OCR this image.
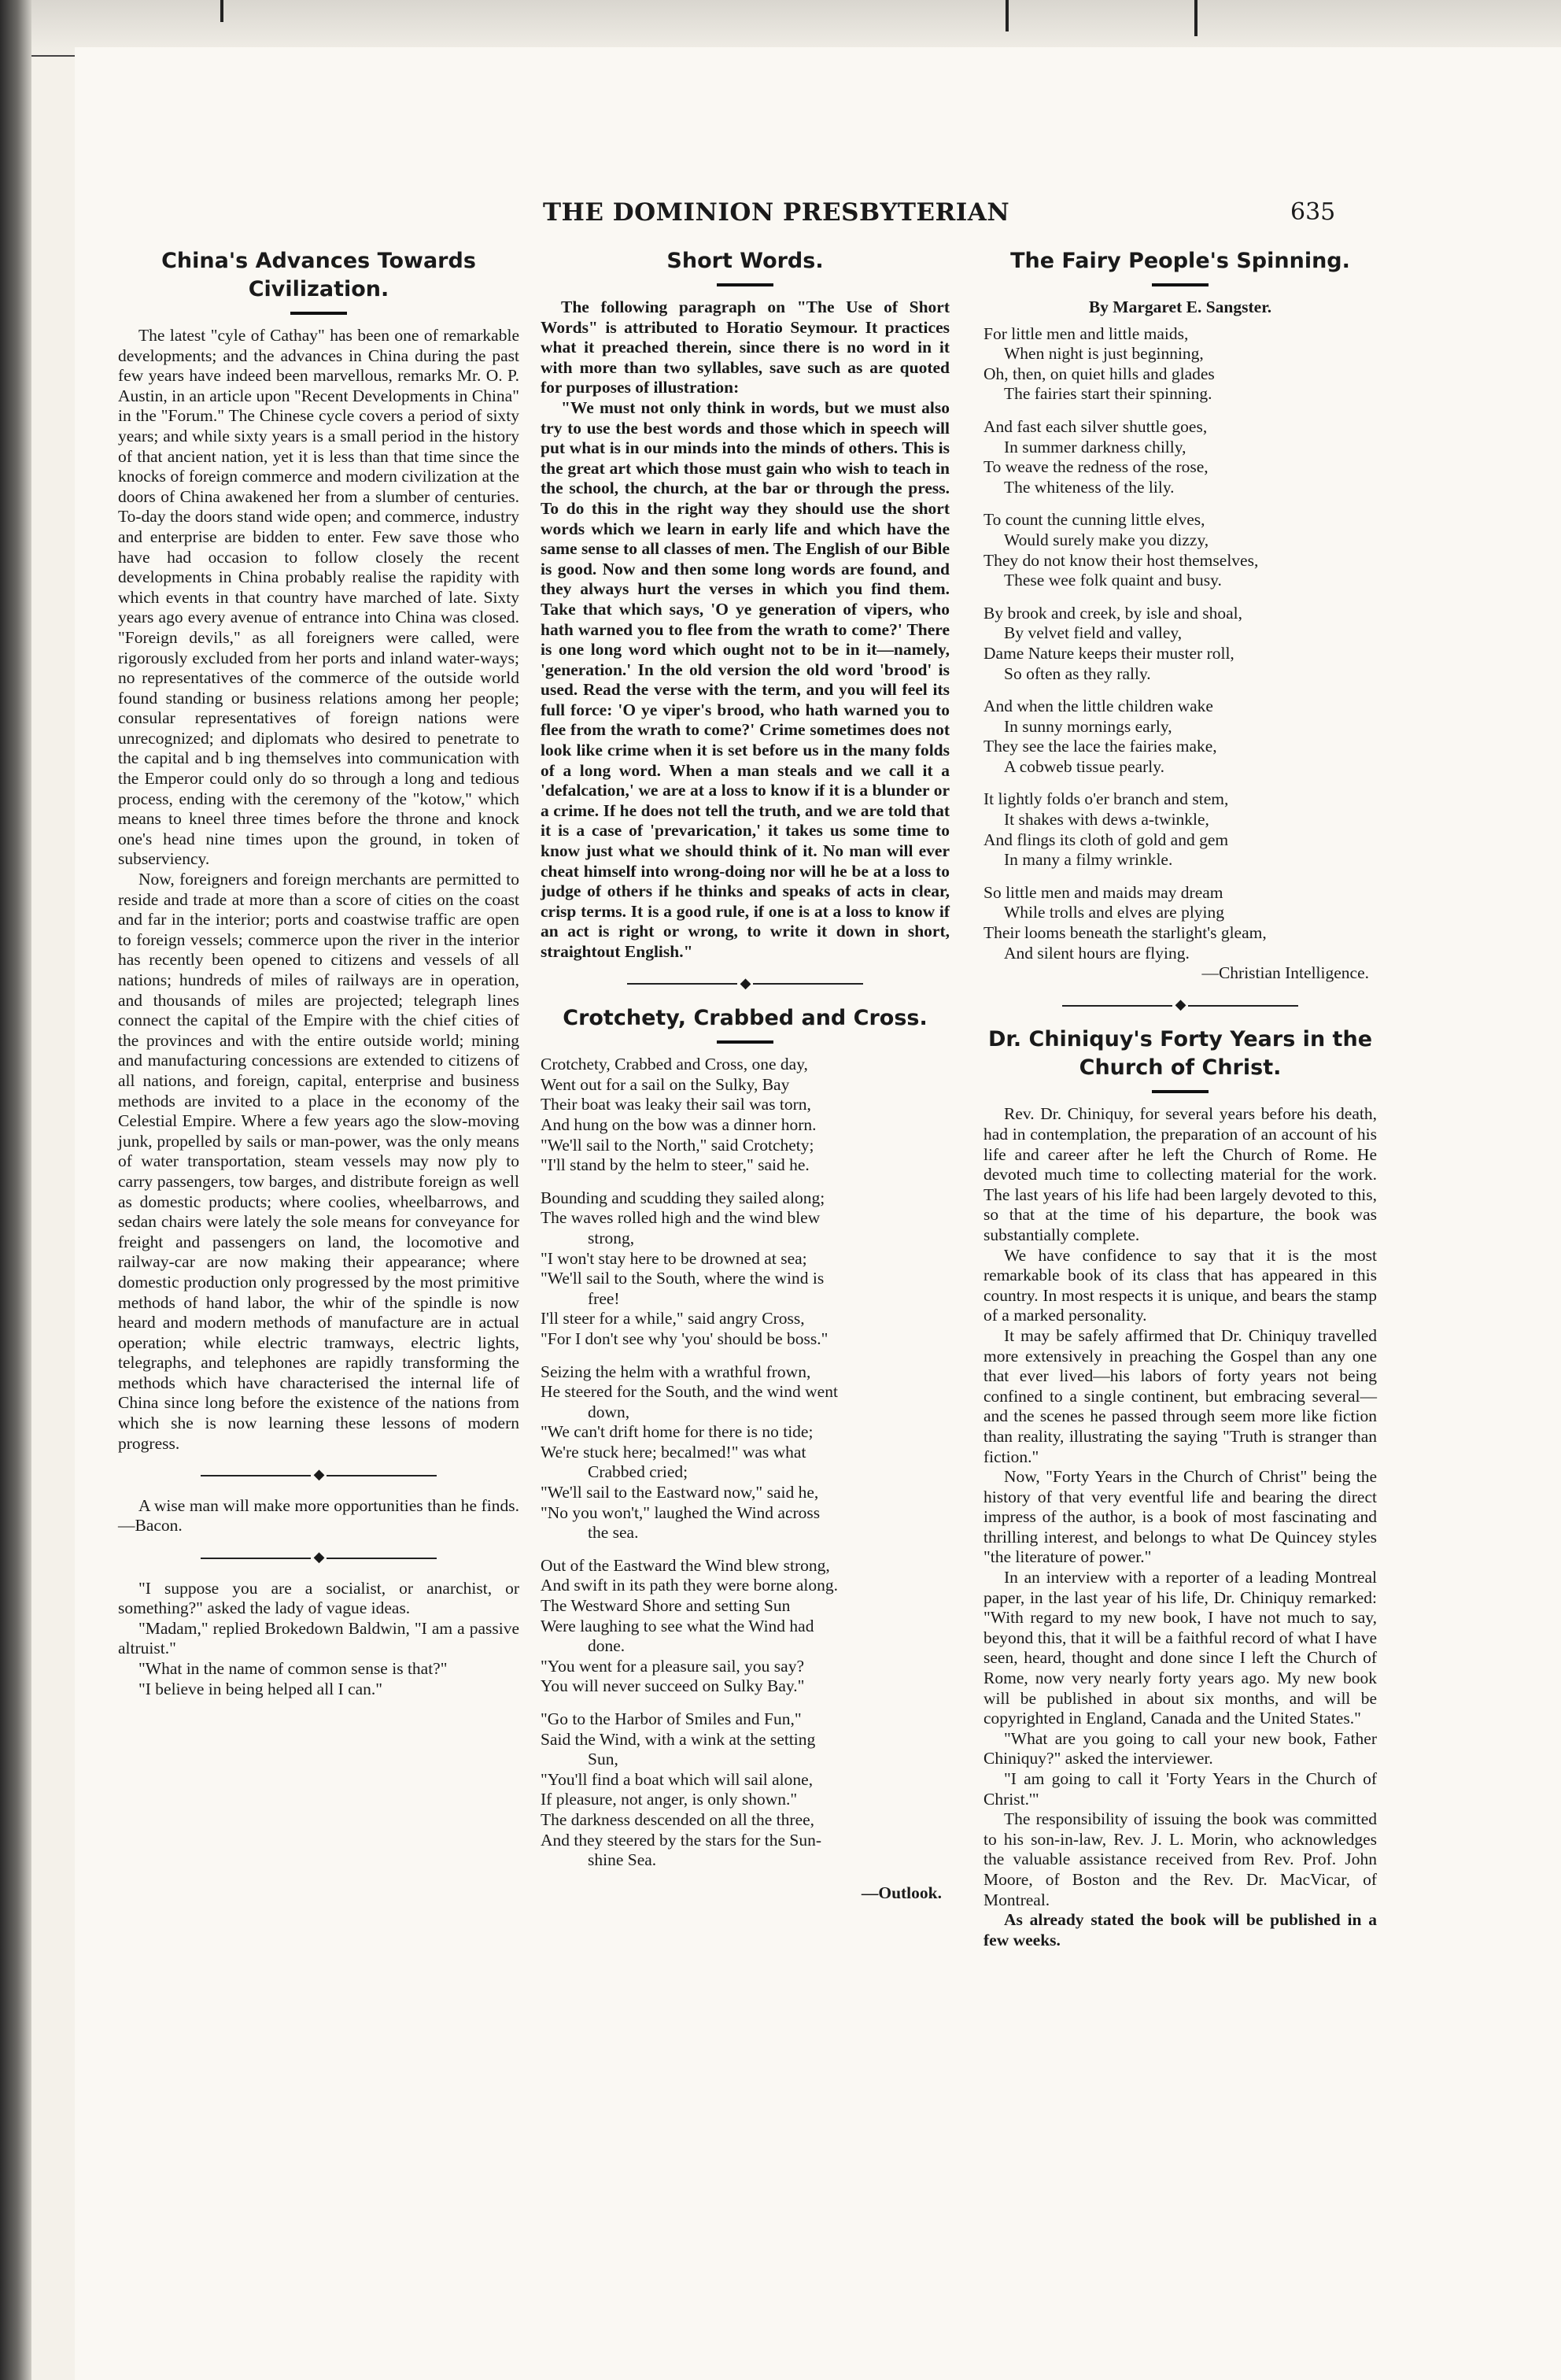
THE DOMINION PRESBYTERIAN	635
China's Advances Towards Civilization.

The latest "cyle of Cathay" has been one of remarkable developments; and the advances in China during the past few years have indeed been marvellous, remarks Mr. O. P. Austin, in an article upon "Recent Developments in China" in the "Forum." The Chinese cycle covers a period of sixty years; and while sixty years is a small period in the history of that ancient nation, yet it is less than that time since the knocks of foreign commerce and modern civilization at the doors of China awakened her from a slumber of centuries. To-day the doors stand wide open; and commerce, industry and enterprise are bidden to enter. Few save those who have had occasion to follow closely the recent developments in China probably realise the rapidity with which events in that country have marched of late. Sixty years ago every avenue of entrance into China was closed. "Foreign devils," as all foreigners were called, were rigorously excluded from her ports and inland water-ways; no representatives of the commerce of the outside world found standing or business relations among her people; consular representatives of foreign nations were unrecognized; and diplomats who desired to penetrate to the capital and b ing themselves into communication with the Emperor could only do so through a long and tedious process, ending with the ceremony of the "kotow," which means to kneel three times before the throne and knock one's head nine times upon the ground, in token of subserviency.

Now, foreigners and foreign merchants are permitted to reside and trade at more than a score of cities on the coast and far in the interior; ports and coastwise traffic are open to foreign vessels; commerce upon the river in the interior has recently been opened to citizens and vessels of all nations; hundreds of miles of railways are in operation, and thousands of miles are projected; telegraph lines connect the capital of the Empire with the chief cities of the provinces and with the entire outside world; mining and manufacturing concessions are extended to citizens of all nations, and foreign, capital, enterprise and business methods are invited to a place in the economy of the Celestial Empire. Where a few years ago the slow-moving junk, propelled by sails or man-power, was the only means of water transportation, steam vessels may now ply to carry passengers, tow barges, and distribute foreign as well as domestic products; where coolies, wheelbarrows, and sedan chairs were lately the sole means for conveyance for freight and passengers on land, the locomotive and railway-car are now making their appearance; where domestic production only progressed by the most primitive methods of hand labor, the whir of the spindle is now heard and modern methods of manufacture are in actual operation; while electric tramways, electric lights, telegraphs, and telephones are rapidly transforming the methods which have characterised the internal life of China since long before the existence of the nations from which she is now learning these lessons of modern progress.

◆

A wise man will make more opportunities than he finds.—Bacon.

◆

"I suppose you are a socialist, or anarchist, or something?" asked the lady of vague ideas.

"Madam," replied Brokedown Baldwin, "I am a passive altruist."

"What in the name of common sense is that?"

"I believe in being helped all I can."

Short Words.

The following paragraph on "The Use of Short Words" is attributed to Horatio Seymour. It practices what it preached therein, since there is no word in it with more than two syllables, save such as are quoted for purposes of illustration:

"We must not only think in words, but we must also try to use the best words and those which in speech will put what is in our minds into the minds of others. This is the great art which those must gain who wish to teach in the school, the church, at the bar or through the press. To do this in the right way they should use the short words which we learn in early life and which have the same sense to all classes of men. The English of our Bible is good. Now and then some long words are found, and they always hurt the verses in which you find them. Take that which says, 'O ye generation of vipers, who hath warned you to flee from the wrath to come?' There is one long word which ought not to be in it—namely, 'generation.' In the old version the old word 'brood' is used. Read the verse with the term, and you will feel its full force: 'O ye viper's brood, who hath warned you to flee from the wrath to come?' Crime sometimes does not look like crime when it is set before us in the many folds of a long word. When a man steals and we call it a 'defalcation,' we are at a loss to know if it is a blunder or a crime. If he does not tell the truth, and we are told that it is a case of 'prevarication,' it takes us some time to know just what we should think of it. No man will ever cheat himself into wrong-doing nor will he be at a loss to judge of others if he thinks and speaks of acts in clear, crisp terms. It is a good rule, if one is at a loss to know if an act is right or wrong, to write it down in short, straightout English."

◆
Crotchety, Crabbed and Cross.
Crotchety, Crabbed and Cross, one day,
Went out for a sail on the Sulky, Bay
Their boat was leaky their sail was torn,
And hung on the bow was a dinner horn.
"We'll sail to the North," said Crotchety;
"I'll stand by the helm to steer," said he.
Bounding and scudding they sailed along;
The waves rolled high and the wind blew
strong,
"I won't stay here to be drowned at sea;
"We'll sail to the South, where the wind is
free!
I'll steer for a while," said angry Cross,
"For I don't see why 'you' should be boss."
Seizing the helm with a wrathful frown,
He steered for the South, and the wind went
down,
"We can't drift home for there is no tide;
We're stuck here; becalmed!" was what
Crabbed cried;
"We'll sail to the Eastward now," said he,
"No you won't," laughed the Wind across
the sea.
Out of the Eastward the Wind blew strong,
And swift in its path they were borne along.
The Westward Shore and setting Sun
Were laughing to see what the Wind had
done.
"You went for a pleasure sail, you say?
You will never succeed on Sulky Bay."
"Go to the Harbor of Smiles and Fun,"
Said the Wind, with a wink at the setting
Sun,
"You'll find a boat which will sail alone,
If pleasure, not anger, is only shown."
The darkness descended on all the three,
And they steered by the stars for the Sun-
shine Sea.
—Outlook.
The Fairy People's Spinning.
By Margaret E. Sangster.
For little men and little maids,
When night is just beginning,
Oh, then, on quiet hills and glades
The fairies start their spinning.
And fast each silver shuttle goes,
In summer darkness chilly,
To weave the redness of the rose,
The whiteness of the lily.
To count the cunning little elves,
Would surely make you dizzy,
They do not know their host themselves,
These wee folk quaint and busy.
By brook and creek, by isle and shoal,
By velvet field and valley,
Dame Nature keeps their muster roll,
So often as they rally.
And when the little children wake
In sunny mornings early,
They see the lace the fairies make,
A cobweb tissue pearly.
It lightly folds o'er branch and stem,
It shakes with dews a-twinkle,
And flings its cloth of gold and gem
In many a filmy wrinkle.
So little men and maids may dream
While trolls and elves are plying
Their looms beneath the starlight's gleam,
And silent hours are flying.
—Christian Intelligence.
◆
Dr. Chiniquy's Forty Years in the Church of Christ.

Rev. Dr. Chiniquy, for several years before his death, had in contemplation, the preparation of an account of his life and career after he left the Church of Rome. He devoted much time to collecting material for the work. The last years of his life had been largely devoted to this, so that at the time of his departure, the book was substantially complete.

We have confidence to say that it is the most remarkable book of its class that has appeared in this country. In most respects it is unique, and bears the stamp of a marked personality.

It may be safely affirmed that Dr. Chiniquy travelled more extensively in preaching the Gospel than any one that ever lived—his labors of forty years not being confined to a single continent, but embracing several—and the scenes he passed through seem more like fiction than reality, illustrating the saying "Truth is stranger than fiction."

Now, "Forty Years in the Church of Christ" being the history of that very eventful life and bearing the direct impress of the author, is a book of most fascinating and thrilling interest, and belongs to what De Quincey styles "the literature of power."

In an interview with a reporter of a leading Montreal paper, in the last year of his life, Dr. Chiniquy remarked: "With regard to my new book, I have not much to say, beyond this, that it will be a faithful record of what I have seen, heard, thought and done since I left the Church of Rome, now very nearly forty years ago. My new book will be published in about six months, and will be copyrighted in England, Canada and the United States."

"What are you going to call your new book, Father Chiniquy?" asked the interviewer.

"I am going to call it 'Forty Years in the Church of Christ.'"

The responsibility of issuing the book was committed to his son-in-law, Rev. J. L. Morin, who acknowledges the valuable assistance received from Rev. Prof. John Moore, of Boston and the Rev. Dr. MacVicar, of Montreal.

As already stated the book will be published in a few weeks.
